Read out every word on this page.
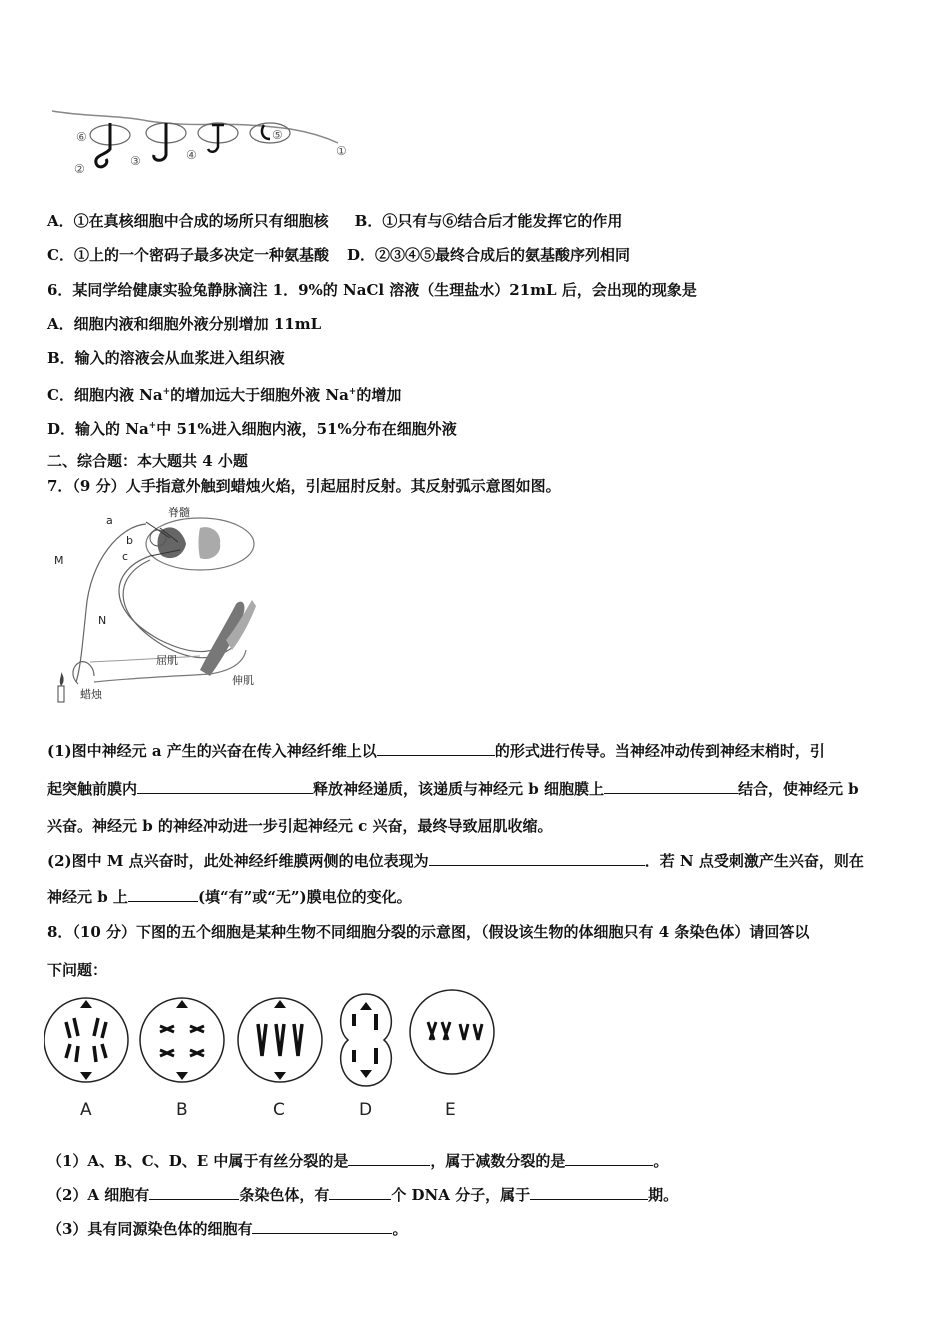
⑥
②
③	④
⑤
①
A．①在真核细胞中合成的场所只有细胞核 B．①只有与⑥结合后才能发挥它的作用
C．①上的一个密码子最多决定一种氨基酸 D．②③④⑤最终合成后的氨基酸序列相同
6．某同学给健康实验兔静脉滴注 1．9%的 NaCl 溶液（生理盐水）21mL 后，会出现的现象是
A．细胞内液和细胞外液分别增加 11mL
B．输入的溶液会从血浆进入组织液
C．细胞内液 Na+的增加远大于细胞外液 Na+的增加
D．输入的 Na+中 51%进入细胞内液，51%分布在细胞外液
二、综合题：本大题共 4 小题
7．（9 分）人手指意外触到蜡烛火焰，引起屈肘反射。其反射弧示意图如图。
脊髓
a
b
c
M
N
屈肌
伸肌
蜡烛
(1)图中神经元 a 产生的兴奋在传入神经纤维上以	的形式进行传导。当神经冲动传到神经末梢时，引
起突触前膜内	释放神经递质，该递质与神经元 b 细胞膜上	结合，使神经元 b
兴奋。神经元 b 的神经冲动进一步引起神经元 c 兴奋，最终导致屈肌收缩。
(2)图中 M 点兴奋时，此处神经纤维膜两侧的电位表现为	．若 N 点受刺激产生兴奋，则在
神经元 b 上	(填“有”或“无”)膜电位的变化。
8．（10 分）下图的五个细胞是某种生物不同细胞分裂的示意图，（假设该生物的体细胞只有 4 条染色体）请回答以
下问题：
A	B	C	D	E
（1）A、B、C、D、E 中属于有丝分裂的是	，属于减数分裂的是	。
（2）A 细胞有	条染色体，有	个 DNA 分子，属于	期。
（3）具有同源染色体的细胞有	。
